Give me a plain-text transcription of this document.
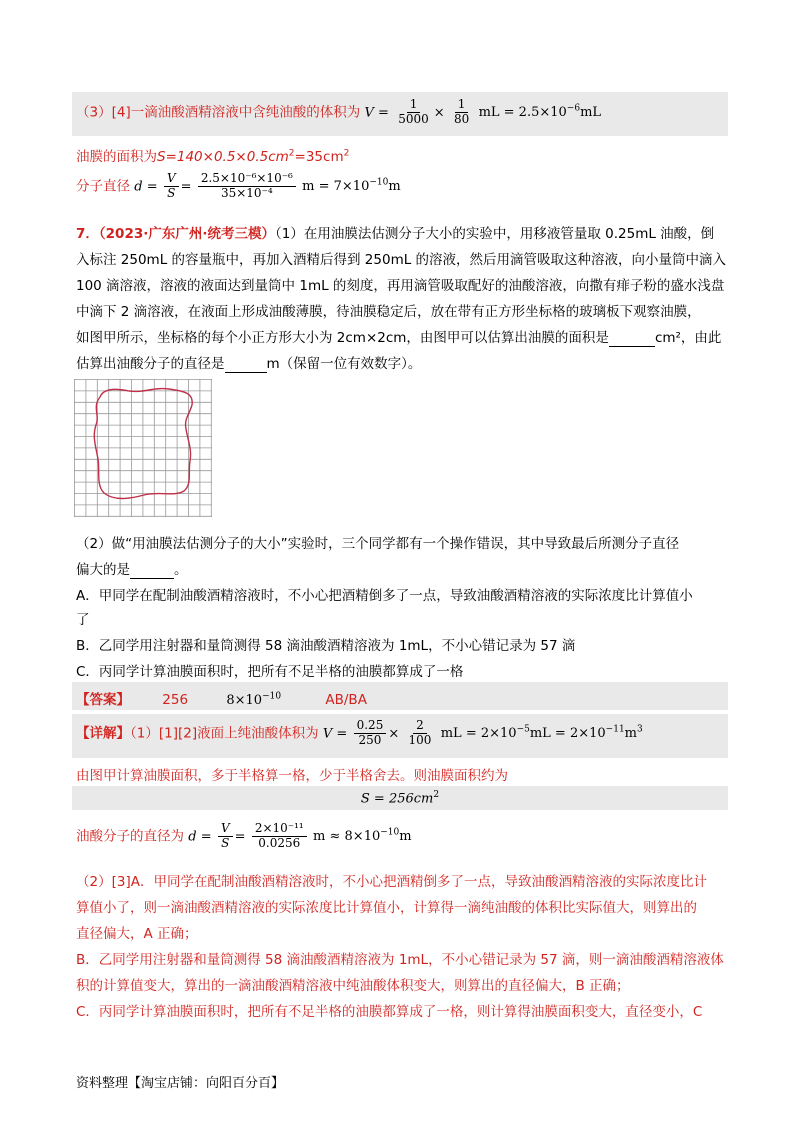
（3）[4]一滴油酸酒精溶液中含纯油酸的体积为 $V = \frac{1}{5000} \times \frac{1}{80}$ mL = $2.5\times 10^{-6}mL$
油膜的面积为$S=140\times 0.5\times 0.5cm^2=35cm^2$
分子直径 $d = \frac{V}{S} = \frac{\text{2.5×10⁻⁶×10⁻⁶}}{\text{35×10⁻⁴}}$ $m = 7\times 10^{-10}m$
7．（2023·广东广州·统考三模）（1）在用油膜法估测分子大小的实验中，用移液管量取 0.25mL 油酸，倒
入标注 250mL 的容量瓶中，再加入酒精后得到 250mL 的溶液，然后用滴管吸取这种溶液，向小量筒中滴入
100 滴溶液，溶液的液面达到量筒中 1mL 的刻度，再用滴管吸取配好的油酸溶液，向撒有痱子粉的盛水浅盘
中滴下 2 滴溶液，在液面上形成油酸薄膜，待油膜稳定后，放在带有正方形坐标格的玻璃板下观察油膜，
如图甲所示，坐标格的每个小正方形大小为 2cm×2cm，由图甲可以估算出油膜的面积是	cm²，由此
估算出油酸分子的直径是	m（保留一位有效数字）。
（2）做“用油膜法估测分子的大小”实验时，三个同学都有一个操作错误，其中导致最后所测分子直径
偏大的是	。
A．甲同学在配制油酸酒精溶液时，不小心把酒精倒多了一点，导致油酸酒精溶液的实际浓度比计算值小
了
B．乙同学用注射器和量筒测得 58 滴油酸酒精溶液为 1mL，不小心错记录为 57 滴
C．丙同学计算油膜面积时，把所有不足半格的油膜都算成了一格
【答案】 256	$8\times 10^{-10}$	AB/BA
【详解】（1）[1][2]液面上纯油酸体积为 $V = \frac{0.25}{250} \times \frac{2}{100}$ mL = $2\times 10^{-5}mL = 2\times 10^{-11}m^3$
由图甲计算油膜面积，多于半格算一格，少于半格舍去。则油膜面积约为
$S = 256cm^2$
油酸分子的直径为 $d = \frac{V}{S} = \frac{\text{2×10⁻¹¹}}{0.0256}$ $m \approx 8\times 10^{-10}m$
（2）[3]A．甲同学在配制油酸酒精溶液时，不小心把酒精倒多了一点，导致油酸酒精溶液的实际浓度比计
算值小了，则一滴油酸酒精溶液的实际浓度比计算值小，计算得一滴纯油酸的体积比实际值大，则算出的
直径偏大，A 正确；
B．乙同学用注射器和量筒测得 58 滴油酸酒精溶液为 1mL，不小心错记录为 57 滴，则一滴油酸酒精溶液体
积的计算值变大，算出的一滴油酸酒精溶液中纯油酸体积变大，则算出的直径偏大，B 正确；
C．丙同学计算油膜面积时，把所有不足半格的油膜都算成了一格，则计算得油膜面积变大，直径变小，C
资料整理【淘宝店铺：向阳百分百】
